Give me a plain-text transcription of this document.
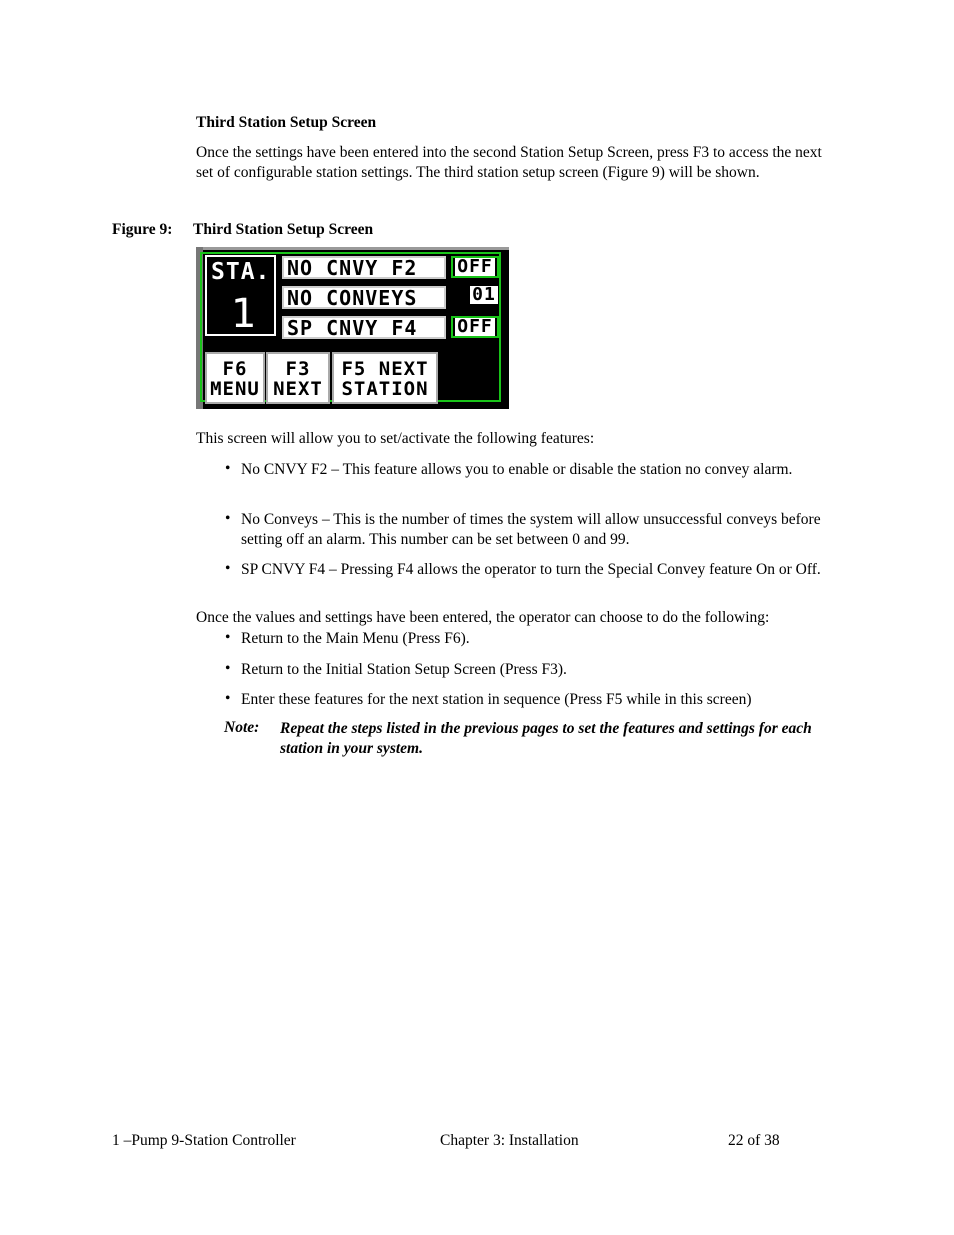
Third Station Setup Screen
Once the settings have been entered into the second Station Setup Screen, press F3 to access the next set of configurable station settings. The third station setup screen (Figure 9) will be shown.
Figure 9: Third Station Setup Screen
STA.
1
NO CNVY F2	OFF
NO CONVEYS	01
SP CNVY F4	OFF
F6
MENU
F3
NEXT
F5 NEXT
STATION
This screen will allow you to set/activate the following features:
• No CNVY F2 – This feature allows you to enable or disable the station no convey alarm.
• No Conveys – This is the number of times the system will allow unsuccessful conveys before setting off an alarm. This number can be set between 0 and 99.
• SP CNVY F4 – Pressing F4 allows the operator to turn the Special Convey feature On or Off.
Once the values and settings have been entered, the operator can choose to do the following:
• Return to the Main Menu (Press F6).
• Return to the Initial Station Setup Screen (Press F3).
• Enter these features for the next station in sequence (Press F5 while in this screen)
Note: Repeat the steps listed in the previous pages to set the features and settings for each station in your system.
1 –Pump 9-Station Controller	Chapter 3: Installation	22 of 38
